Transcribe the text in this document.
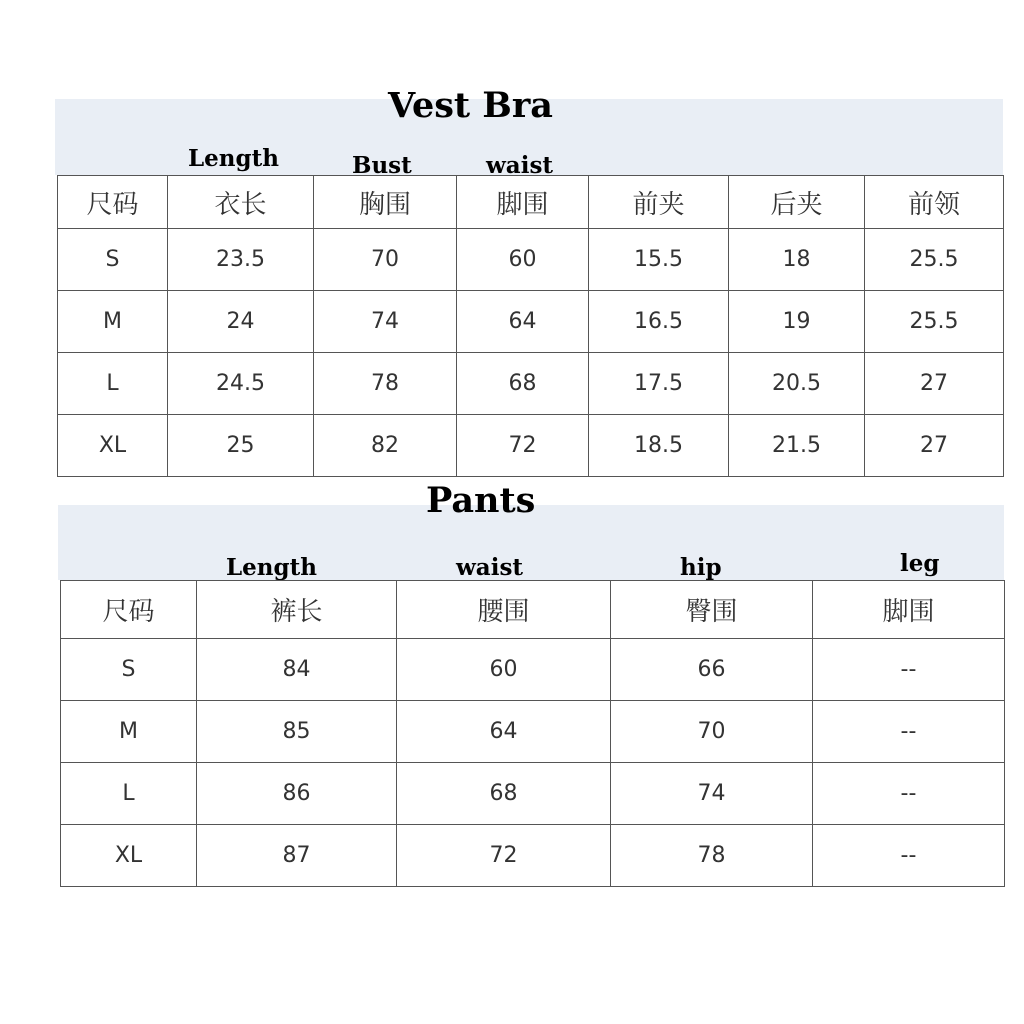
Vest Bra
Length	Bust	waist
尺码	衣长	胸围	脚围	前夹	后夹	前领
S	23.5	70	60	15.5	18	25.5
M	24	74	64	16.5	19	25.5
L	24.5	78	68	17.5	20.5	27
XL	25	82	72	18.5	21.5	27
Pants
Length	waist	hip	leg
尺码	裤长	腰围	臀围	脚围
S	84	60	66	--
M	85	64	70	--
L	86	68	74	--
XL	87	72	78	--
